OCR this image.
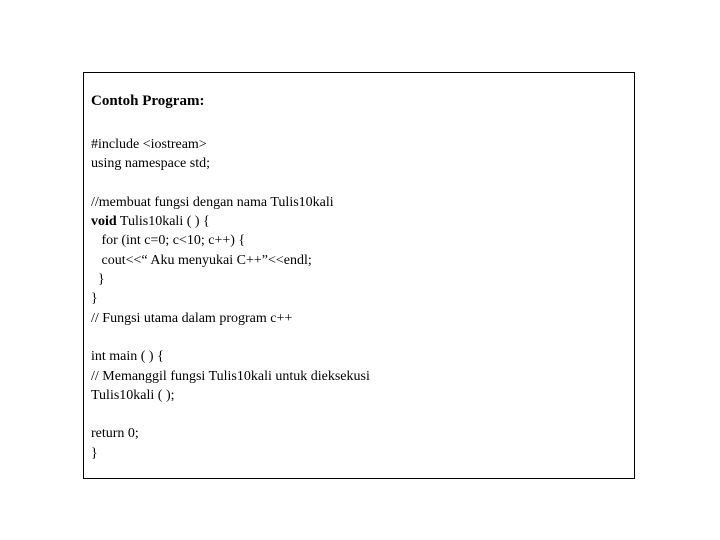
Contoh Program:
#include <iostream>
using namespace std;
//membuat fungsi dengan nama Tulis10kali
void Tulis10kali ( ) {
for (int c=0; c<10; c++) {
cout<<“ Aku menyukai C++”<<endl;
}
}
// Fungsi utama dalam program c++
int main ( ) {
// Memanggil fungsi Tulis10kali untuk dieksekusi
Tulis10kali ( );
return 0;
}
